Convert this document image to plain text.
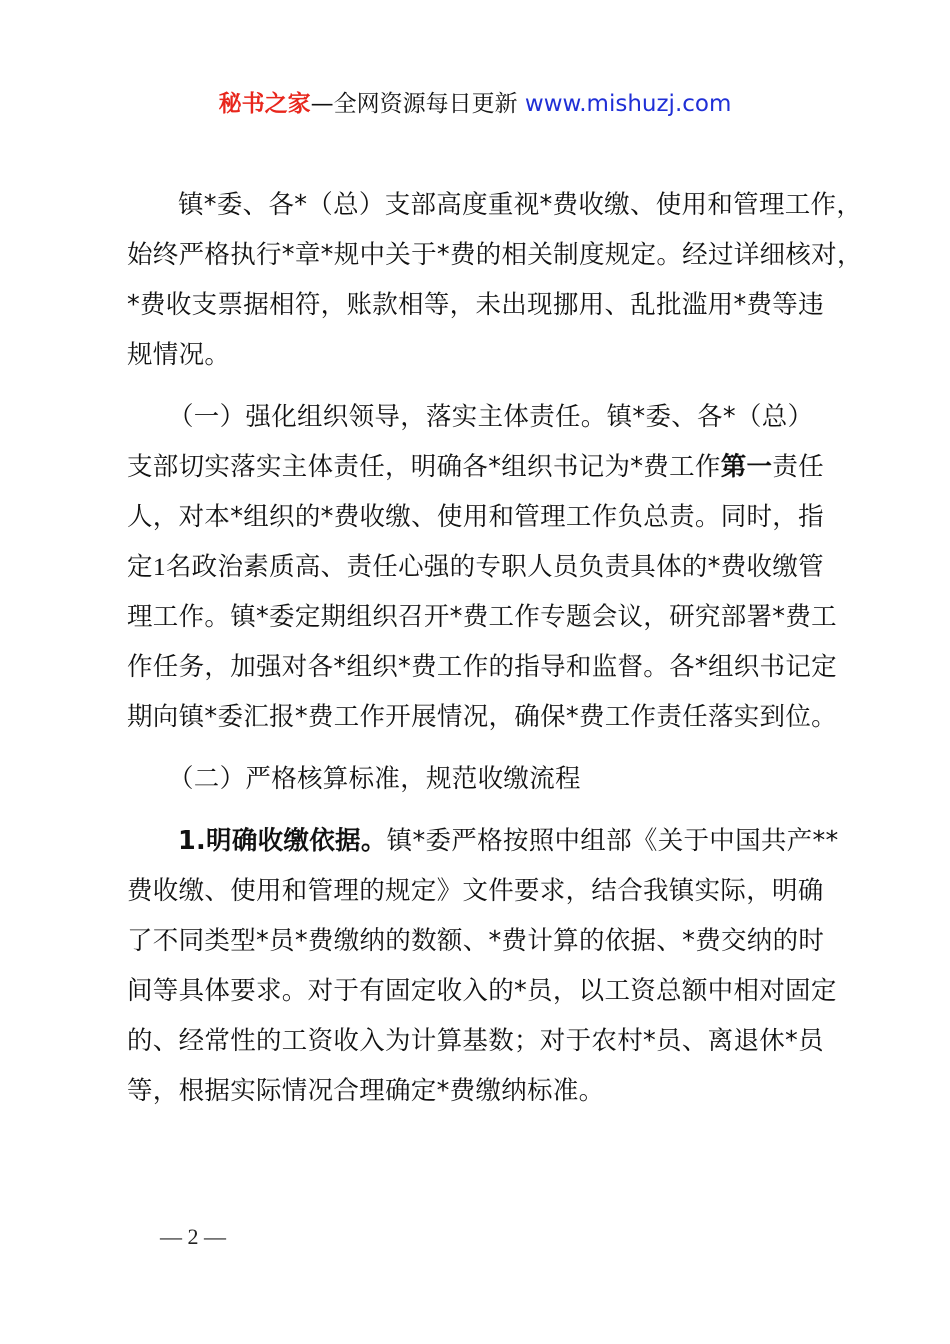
秘书之家—全网资源每日更新 www.mishuzj.com
镇*委、各*（总）支部高度重视*费收缴、使用和管理工作，
始终严格执行*章*规中关于*费的相关制度规定。经过详细核对，
*费收支票据相符，账款相等，未出现挪用、乱批滥用*费等违
规情况。
（一）强化组织领导，落实主体责任。镇*委、各*（总）
支部切实落实主体责任，明确各*组织书记为*费工作第一责任
人，对本*组织的*费收缴、使用和管理工作负总责。同时，指
定1名政治素质高、责任心强的专职人员负责具体的*费收缴管
理工作。镇*委定期组织召开*费工作专题会议，研究部署*费工
作任务，加强对各*组织*费工作的指导和监督。各*组织书记定
期向镇*委汇报*费工作开展情况，确保*费工作责任落实到位。
（二）严格核算标准，规范收缴流程
1.明确收缴依据。镇*委严格按照中组部《关于中国共产**
费收缴、使用和管理的规定》文件要求，结合我镇实际，明确
了不同类型*员*费缴纳的数额、*费计算的依据、*费交纳的时
间等具体要求。对于有固定收入的*员，以工资总额中相对固定
的、经常性的工资收入为计算基数；对于农村*员、离退休*员
等，根据实际情况合理确定*费缴纳标准。
— 2 —
